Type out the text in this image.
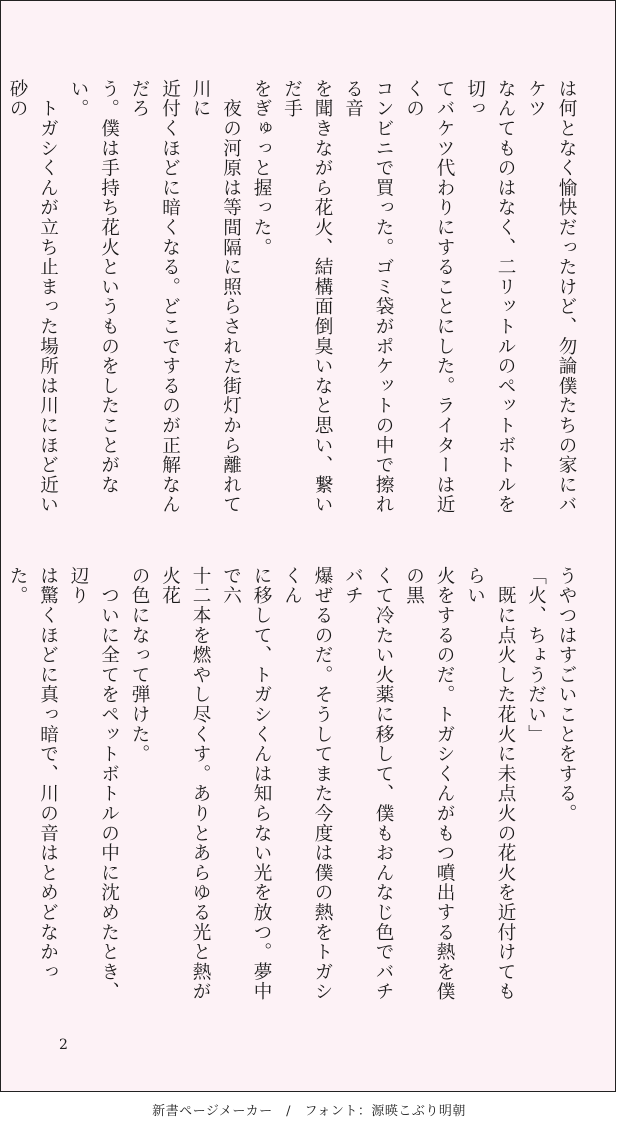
は何となく愉快だったけど、勿論僕たちの家にバケツ

なんてものはなく、二リットルのペットボトルを切っ

てバケツ代わりにすることにした。ライターは近くの

コンビニで買った。ゴミ袋がポケットの中で擦れる音

を聞きながら花火、結構面倒臭いなと思い、繋いだ手

をぎゅっと握った。

　夜の河原は等間隔に照らされた街灯から離れて川に

近付くほどに暗くなる。どこでするのが正解なんだろ

う。僕は手持ち花火というものをしたことがない。

　トガシくんが立ち止まった場所は川にほど近い砂の

うやつはすごいことをする。

「火、ちょうだい」

　既に点火した花火に未点火の花火を近付けてもらい

火をするのだ。トガシくんがもつ噴出する熱を僕の黒

くて冷たい火薬に移して、僕もおんなじ色でバチバチ

爆ぜるのだ。そうしてまた今度は僕の熱をトガシくん

に移して、トガシくんは知らない光を放つ。夢中で六

十二本を燃やし尽くす。ありとあらゆる光と熱が火花

の色になって弾けた。

　ついに全てをペットボトルの中に沈めたとき、辺り

は驚くほどに真っ暗で、川の音はとめどなかった。

2
新書ページメーカー　/　フォント：源暎こぶり明朝
